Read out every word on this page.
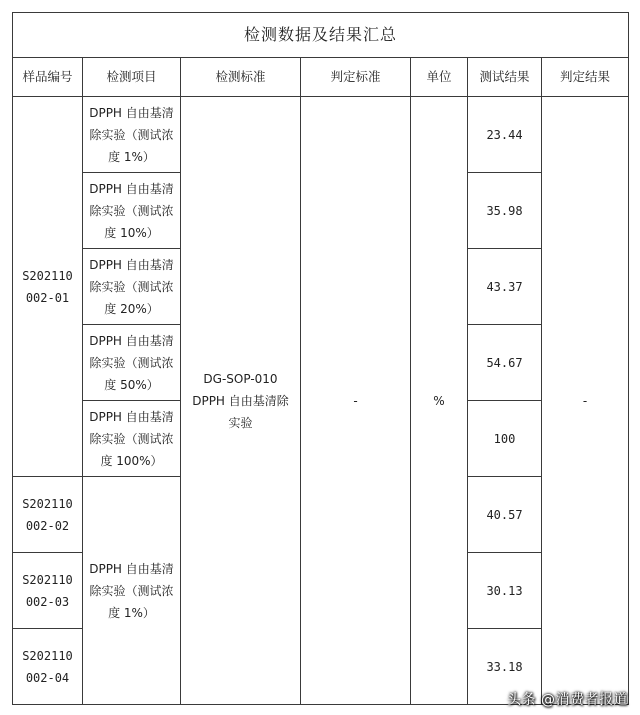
检测数据及结果汇总						
样品编号	检测项目	检测标准	判定标准	单位	测试结果	判定结果
S202110 002-01	DPPH 自由基清除实验（测试浓度 1%）	DG-SOP-010 DPPH 自由基清除实验	-	%	23.44	-
	DPPH 自由基清除实验（测试浓度 10%）				35.98	
	DPPH 自由基清除实验（测试浓度 20%）				43.37	
	DPPH 自由基清除实验（测试浓度 50%）				54.67	
	DPPH 自由基清除实验（测试浓度 100%）				100	
S202110 002-02	DPPH 自由基清除实验（测试浓度 1%）				40.57	
S202110 002-03					30.13	
S202110 002-04					33.18	
头条 @消费者报道
